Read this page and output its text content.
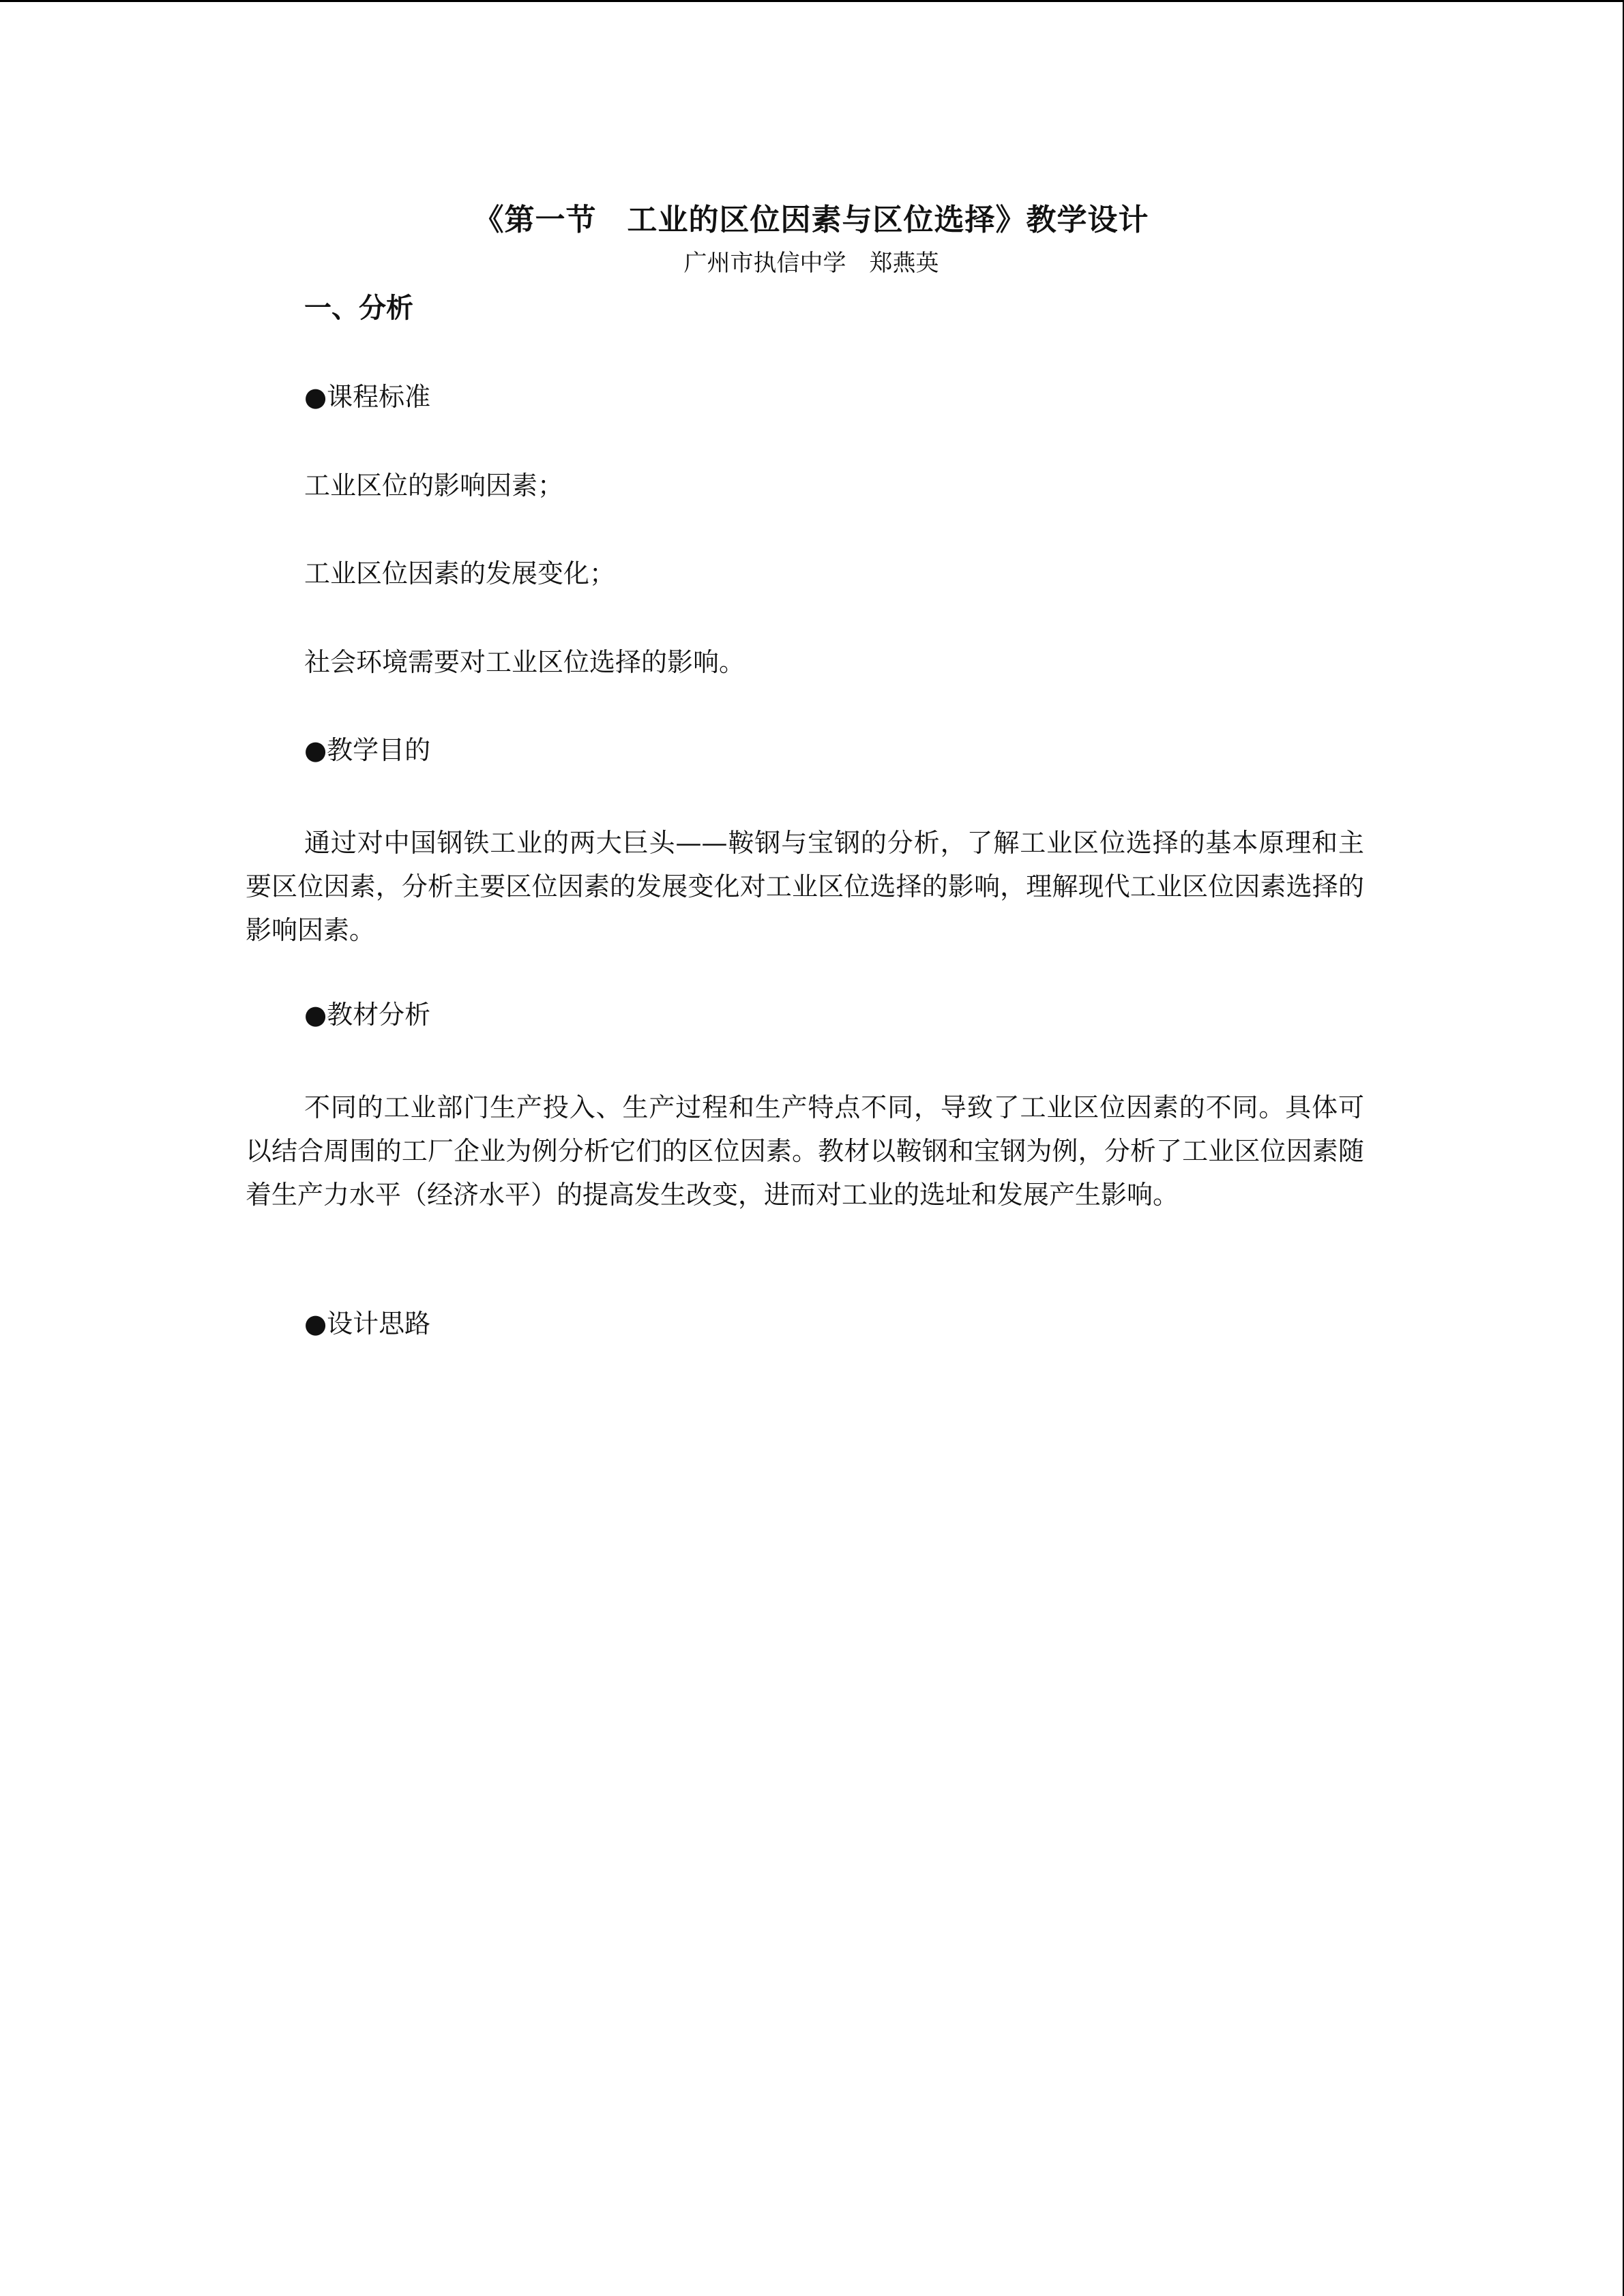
《第一节　工业的区位因素与区位选择》教学设计
广州市执信中学　郑燕英
一、分析
●课程标准
工业区位的影响因素；
工业区位因素的发展变化；
社会环境需要对工业区位选择的影响。
●教学目的
通过对中国钢铁工业的两大巨头——鞍钢与宝钢的分析，了解工业区位选择的基本原理和主要区位因素，分析主要区位因素的发展变化对工业区位选择的影响，理解现代工业区位因素选择的影响因素。
●教材分析
不同的工业部门生产投入、生产过程和生产特点不同，导致了工业区位因素的不同。具体可以结合周围的工厂企业为例分析它们的区位因素。教材以鞍钢和宝钢为例，分析了工业区位因素随着生产力水平（经济水平）的提高发生改变，进而对工业的选址和发展产生影响。
●设计思路
